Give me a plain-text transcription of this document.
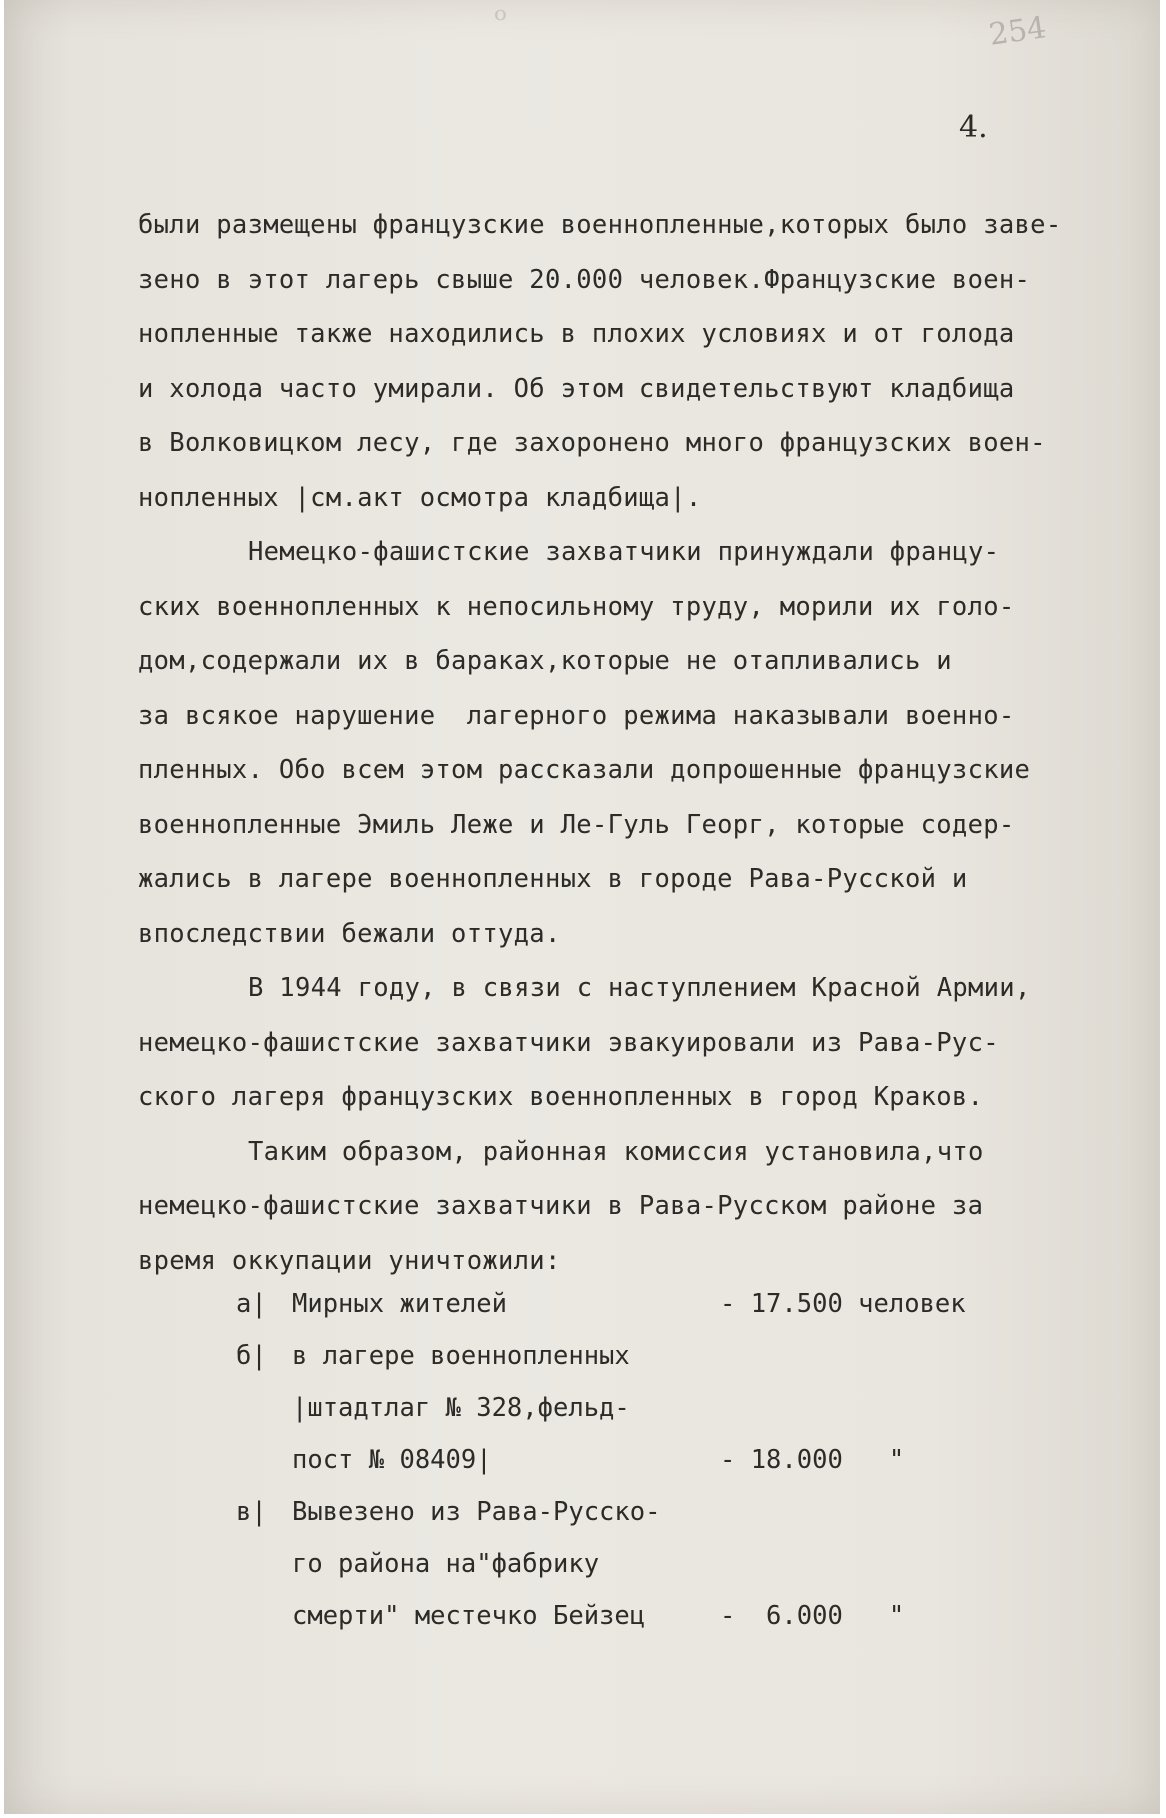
ᵒ	254
4.
были размещены французские военнопленные,которых было заве-
зено в этот лагерь свыше 20.000 человек.Французские воен-
нопленные также находились в плохих условиях и от голода
и холода часто умирали. Об этом свидетельствуют кладбища
в Волковицком лесу, где захоронено много французских воен-
нопленных |см.акт осмотра кладбища|.
Немецко-фашистские захватчики принуждали францу-
ских военнопленных к непосильному труду, морили их голо-
дом,содержали их в бараках,которые не отапливались и
за всякое нарушение  лагерного режима наказывали военно-
пленных. Обо всем этом рассказали допрошенные французские
военнопленные Эмиль Леже и Ле-Гуль Георг, которые содер-
жались в лагере военнопленных в городе Рава-Русской и
впоследствии бежали оттуда.
В 1944 году, в связи с наступлением Красной Армии,
немецко-фашистские захватчики эвакуировали из Рава-Рус-
ского лагеря французских военнопленных в город Краков.
Таким образом, районная комиссия установила,что
немецко-фашистские захватчики в Рава-Русском районе за
время оккупации уничтожили:
а| Мирных жителей	- 17.500 человек
б| в лагере военнопленных
|штадтлаг № 328,фельд-
пост № 08409|	- 18.000   "
в| Вывезено из Рава-Русско-
го района на"фабрику
смерти" местечко Бейзец	-  6.000   "
